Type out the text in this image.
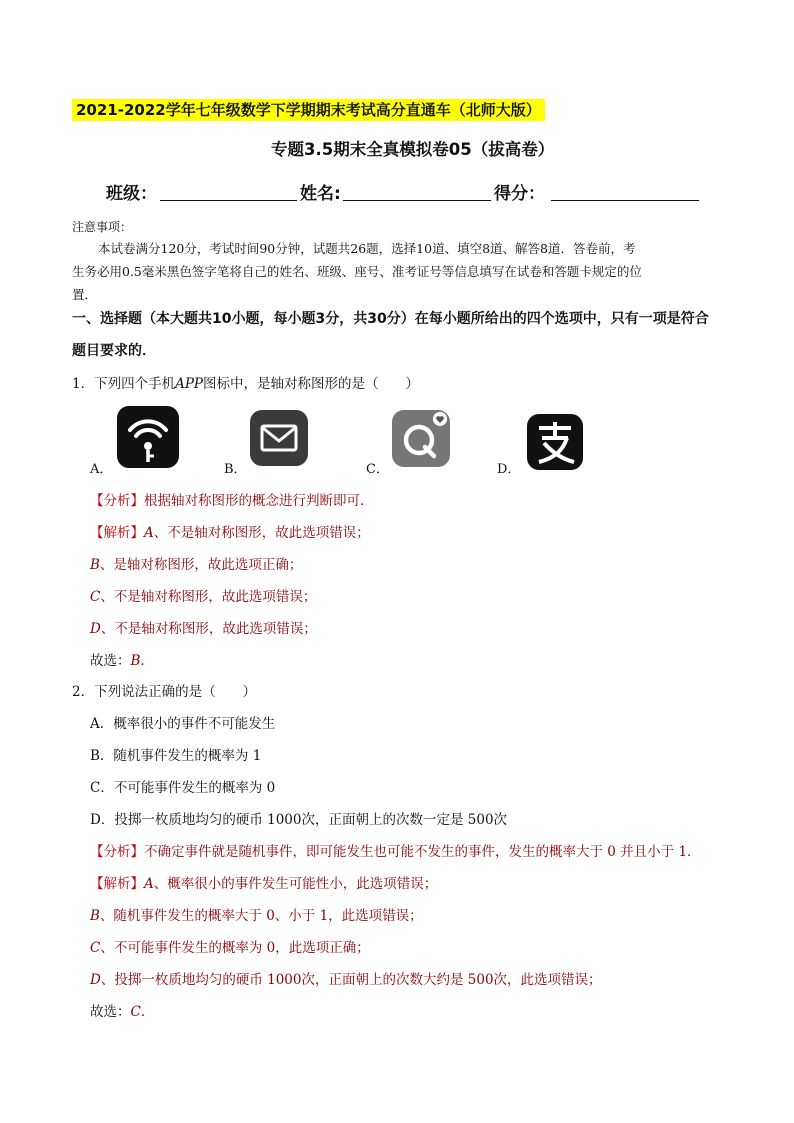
2021-2022学年七年级数学下学期期末考试高分直通车（北师大版）
专题3.5期末全真模拟卷05（拔高卷）
班级：	姓名:	得分：
注意事项：
本试卷满分120分，考试时间90分钟，试题共26题，选择10道、填空8道、解答8道．答卷前，考
生务必用0.5毫米黑色签字笔将自己的姓名、班级、座号、准考证号等信息填写在试卷和答题卡规定的位
置．
一、选择题（本大题共10小题，每小题3分，共30分）在每小题所给出的四个选项中，只有一项是符合
题目要求的．
1．下列四个手机APP图标中，是轴对称图形的是（　　）
A．	B．	C．	D．
【分析】根据轴对称图形的概念进行判断即可．
【解析】A、不是轴对称图形，故此选项错误；
B、是轴对称图形，故此选项正确；
C、不是轴对称图形，故此选项错误；
D、不是轴对称图形，故此选项错误；
故选：B．
2．下列说法正确的是（　　）
A．概率很小的事件不可能发生
B．随机事件发生的概率为 1
C．不可能事件发生的概率为 0
D．投掷一枚质地均匀的硬币 1000次，正面朝上的次数一定是 500次
【分析】不确定事件就是随机事件，即可能发生也可能不发生的事件，发生的概率大于 0 并且小于 1．
【解析】A、概率很小的事件发生可能性小，此选项错误；
B、随机事件发生的概率大于 0、小于 1，此选项错误；
C、不可能事件发生的概率为 0，此选项正确；
D、投掷一枚质地均匀的硬币 1000次，正面朝上的次数大约是 500次，此选项错误；
故选：C．
